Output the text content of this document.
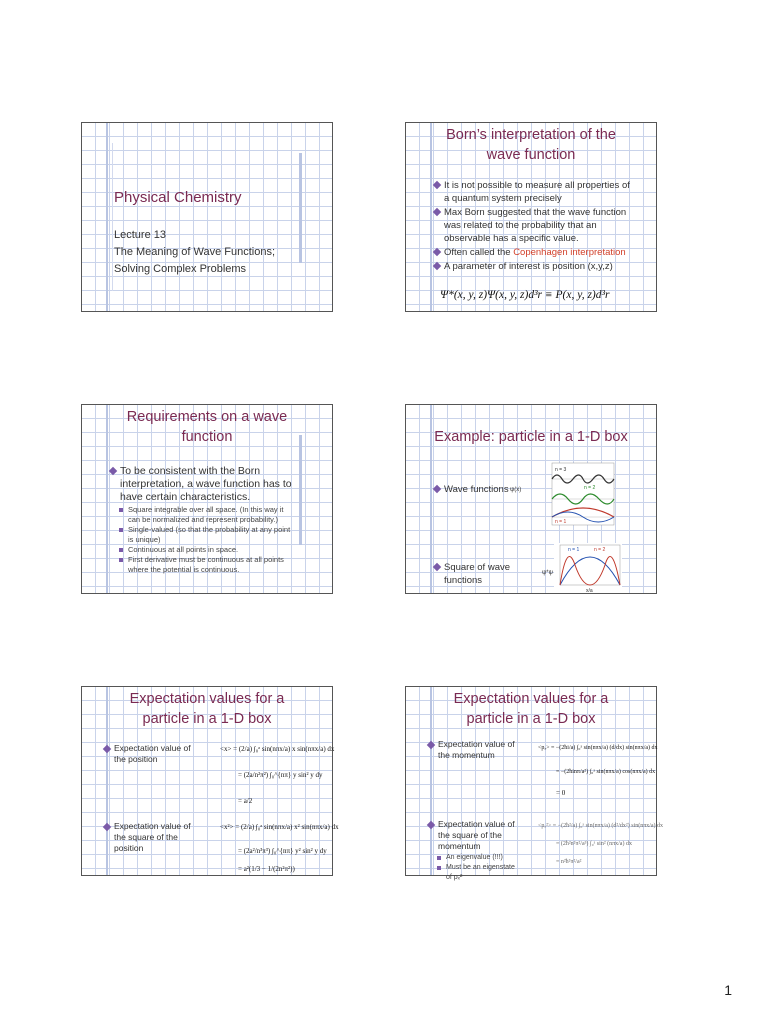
Physical Chemistry
Lecture 13
The Meaning of Wave Functions;
Solving Complex Problems
Born’s interpretation of the
wave function
It is not possible to measure all properties of
a quantum system precisely
Max Born suggested that the wave function
was related to the probability that an
observable has a specific value.
Often called the Copenhagen interpretation
A parameter of interest is position (x,y,z)
Ψ*(x, y, z)Ψ(x, y, z)d³r ≡ P(x, y, z)d³r
Requirements on a wave
function
To be consistent with the Born
interpretation, a wave function has to
have certain characteristics.
Square integrable over all space. (In this way it
can be normalized and represent probability.)
Single-valued (so that the probability at any point
is unique)
Continuous at all points in space.
First derivative must be continuous at all points
where the potential is continuous.
Example: particle in a 1-D box
Wave functions
Square of wave
functions
ψ(x)
n = 3
n = 2
n = 1
ψ*ψ
n = 1	n = 2
x/a
Expectation values for a
particle in a 1-D box
Expectation value of
the position
Expectation value of
the square of the
position
<x> = (2/a) ∫₀ᵃ sin(nπx/a) x sin(nπx/a) dx
= (2a/n²π²) ∫₀^{nπ} y sin² y dy
= a/2
<x²> = (2/a) ∫₀ᵃ sin(nπx/a) x² sin(nπx/a) dx
= (2a²/n³π³) ∫₀^{nπ} y² sin² y dy
= a²(1/3 − 1/(2n²π²))
Expectation values for a
particle in a 1-D box
Expectation value of
the momentum
Expectation value of
the square of the
momentum
An eigenvalue (!!!)
Must be an eigenstate
of pₓ²
<pₓ> = −(2ħi/a) ∫₀ᵃ sin(nπx/a) (d/dx) sin(nπx/a) dx
= −(2ħinπ/a²) ∫₀ᵃ sin(nπx/a) cos(nπx/a) dx
= 0
<pₓ²> = −(2ħ²/a) ∫₀ᵃ sin(nπx/a) (d²/dx²) sin(nπx/a) dx
= (2ħ²n²π²/a³) ∫₀ᵃ sin² (nπx/a) dx
= n²ħ²π²/a²
1
